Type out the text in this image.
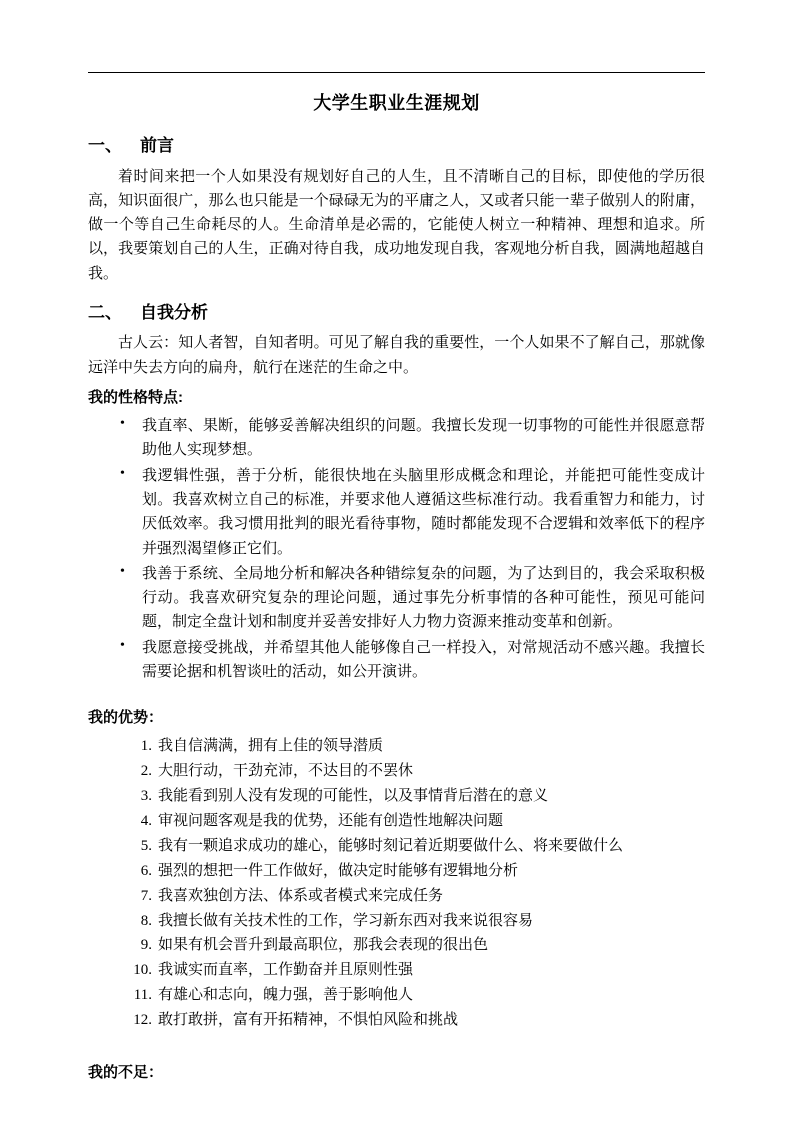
大学生职业生涯规划
一、 前言

着时间来把一个人如果没有规划好自己的人生，且不清晰自己的目标，即使他的学历很高，知识面很广，那么也只能是一个碌碌无为的平庸之人，又或者只能一辈子做别人的附庸，做一个等自己生命耗尽的人。生命清单是必需的，它能使人树立一种精神、理想和追求。所以，我要策划自己的人生，正确对待自我，成功地发现自我，客观地分析自我，圆满地超越自我。

二、 自我分析

古人云：知人者智，自知者明。可见了解自我的重要性，一个人如果不了解自己，那就像远洋中失去方向的扁舟，航行在迷茫的生命之中。

我的性格特点:
• 我直率、果断，能够妥善解决组织的问题。我擅长发现一切事物的可能性并很愿意帮助他人实现梦想。
• 我逻辑性强，善于分析，能很快地在头脑里形成概念和理论，并能把可能性变成计划。我喜欢树立自己的标准，并要求他人遵循这些标准行动。我看重智力和能力，讨厌低效率。我习惯用批判的眼光看待事物，随时都能发现不合逻辑和效率低下的程序并强烈渴望修正它们。
• 我善于系统、全局地分析和解决各种错综复杂的问题，为了达到目的，我会采取积极行动。我喜欢研究复杂的理论问题，通过事先分析事情的各种可能性，预见可能问题，制定全盘计划和制度并妥善安排好人力物力资源来推动变革和创新。
• 我愿意接受挑战，并希望其他人能够像自己一样投入，对常规活动不感兴趣。我擅长需要论据和机智谈吐的活动，如公开演讲。
我的优势：
我自信满满，拥有上佳的领导潜质
大胆行动，干劲充沛，不达目的不罢休
我能看到别人没有发现的可能性，以及事情背后潜在的意义
审视问题客观是我的优势，还能有创造性地解决问题
我有一颗追求成功的雄心，能够时刻记着近期要做什么、将来要做什么
强烈的想把一件工作做好，做决定时能够有逻辑地分析
我喜欢独创方法、体系或者模式来完成任务
我擅长做有关技术性的工作，学习新东西对我来说很容易
如果有机会晋升到最高职位，那我会表现的很出色
我诚实而直率，工作勤奋并且原则性强
有雄心和志向，魄力强，善于影响他人
敢打敢拼，富有开拓精神，不惧怕风险和挑战
我的不足：
